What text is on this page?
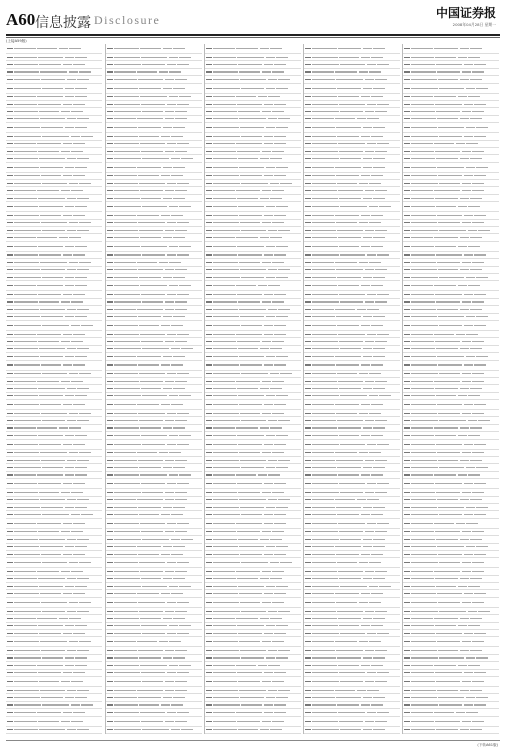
A60 信息披露 Disclosure	中国证券报
2008年04月28日 星期一
(上接A59版)
(下转A61版)
